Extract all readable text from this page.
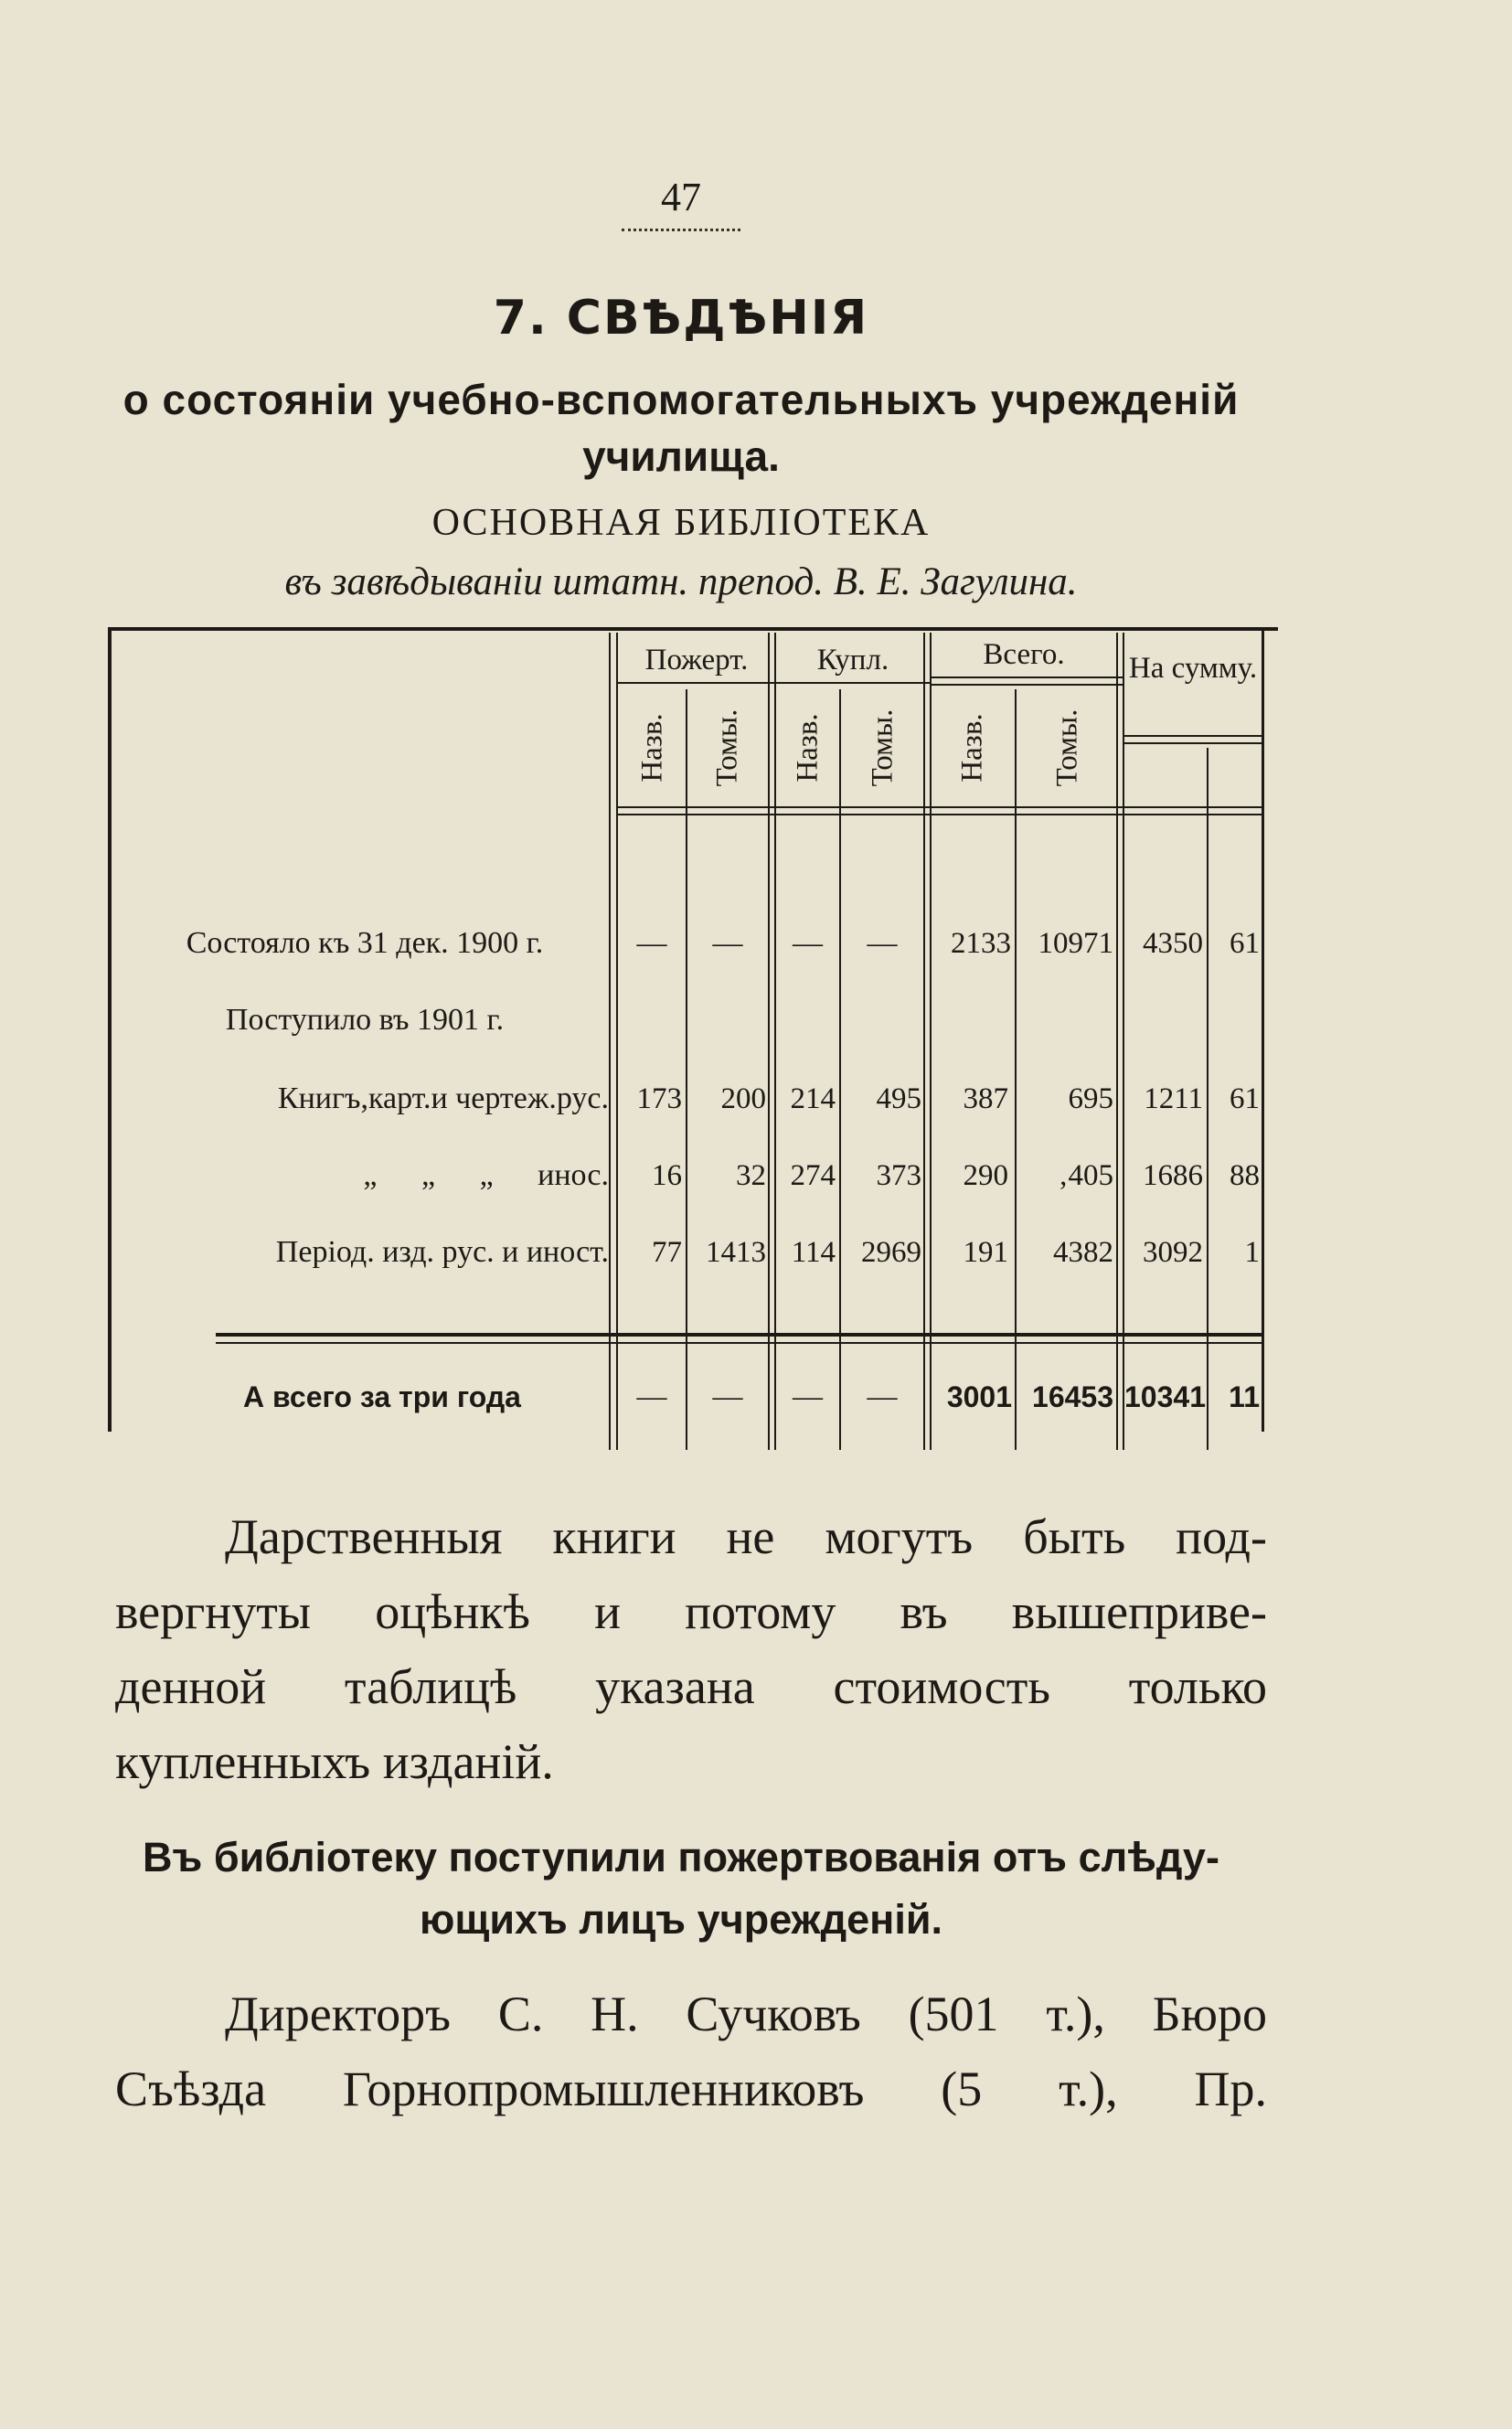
47
7. СВѢДѢНІЯ
о состояніи учебно-вспомогательныхъ учрежденій
училища.
ОСНОВНАЯ БИБЛІОТЕКА
въ завѣдываніи штатн. препод. В. Е. Загулина.
Пожерт.	Купл.	Всего.	На сумму.
Назв. Томы. Назв. Томы. Назв. Томы.
Состояло къ 31 дек. 1900 г.	—	—	—	—	2133 10971 4350 61
Поступило въ 1901 г.
Книгъ,карт.и чертеж.рус. 173	200 214	495	387	695	1211 61
„ „ „ инос.	16	32 274	373	290	‚405 1686 88
Період. изд. рус. и иност.	77 1413 114 2969	191	4382 3092	1
А всего за три года	—	—	—	—	3001 16453 10341 11
Дарственныя книги не могутъ быть под-
вергнуты оцѣнкѣ и потому въ вышеприве-
денной таблицѣ указана стоимость только
купленныхъ изданій.
Въ библіотеку поступили пожертвованія отъ слѣду-
ющихъ лицъ учрежденій.
Директоръ С. Н. Сучковъ (501 т.), Бюро
Съѣзда Горнопромышленниковъ (5 т.), Пр.
